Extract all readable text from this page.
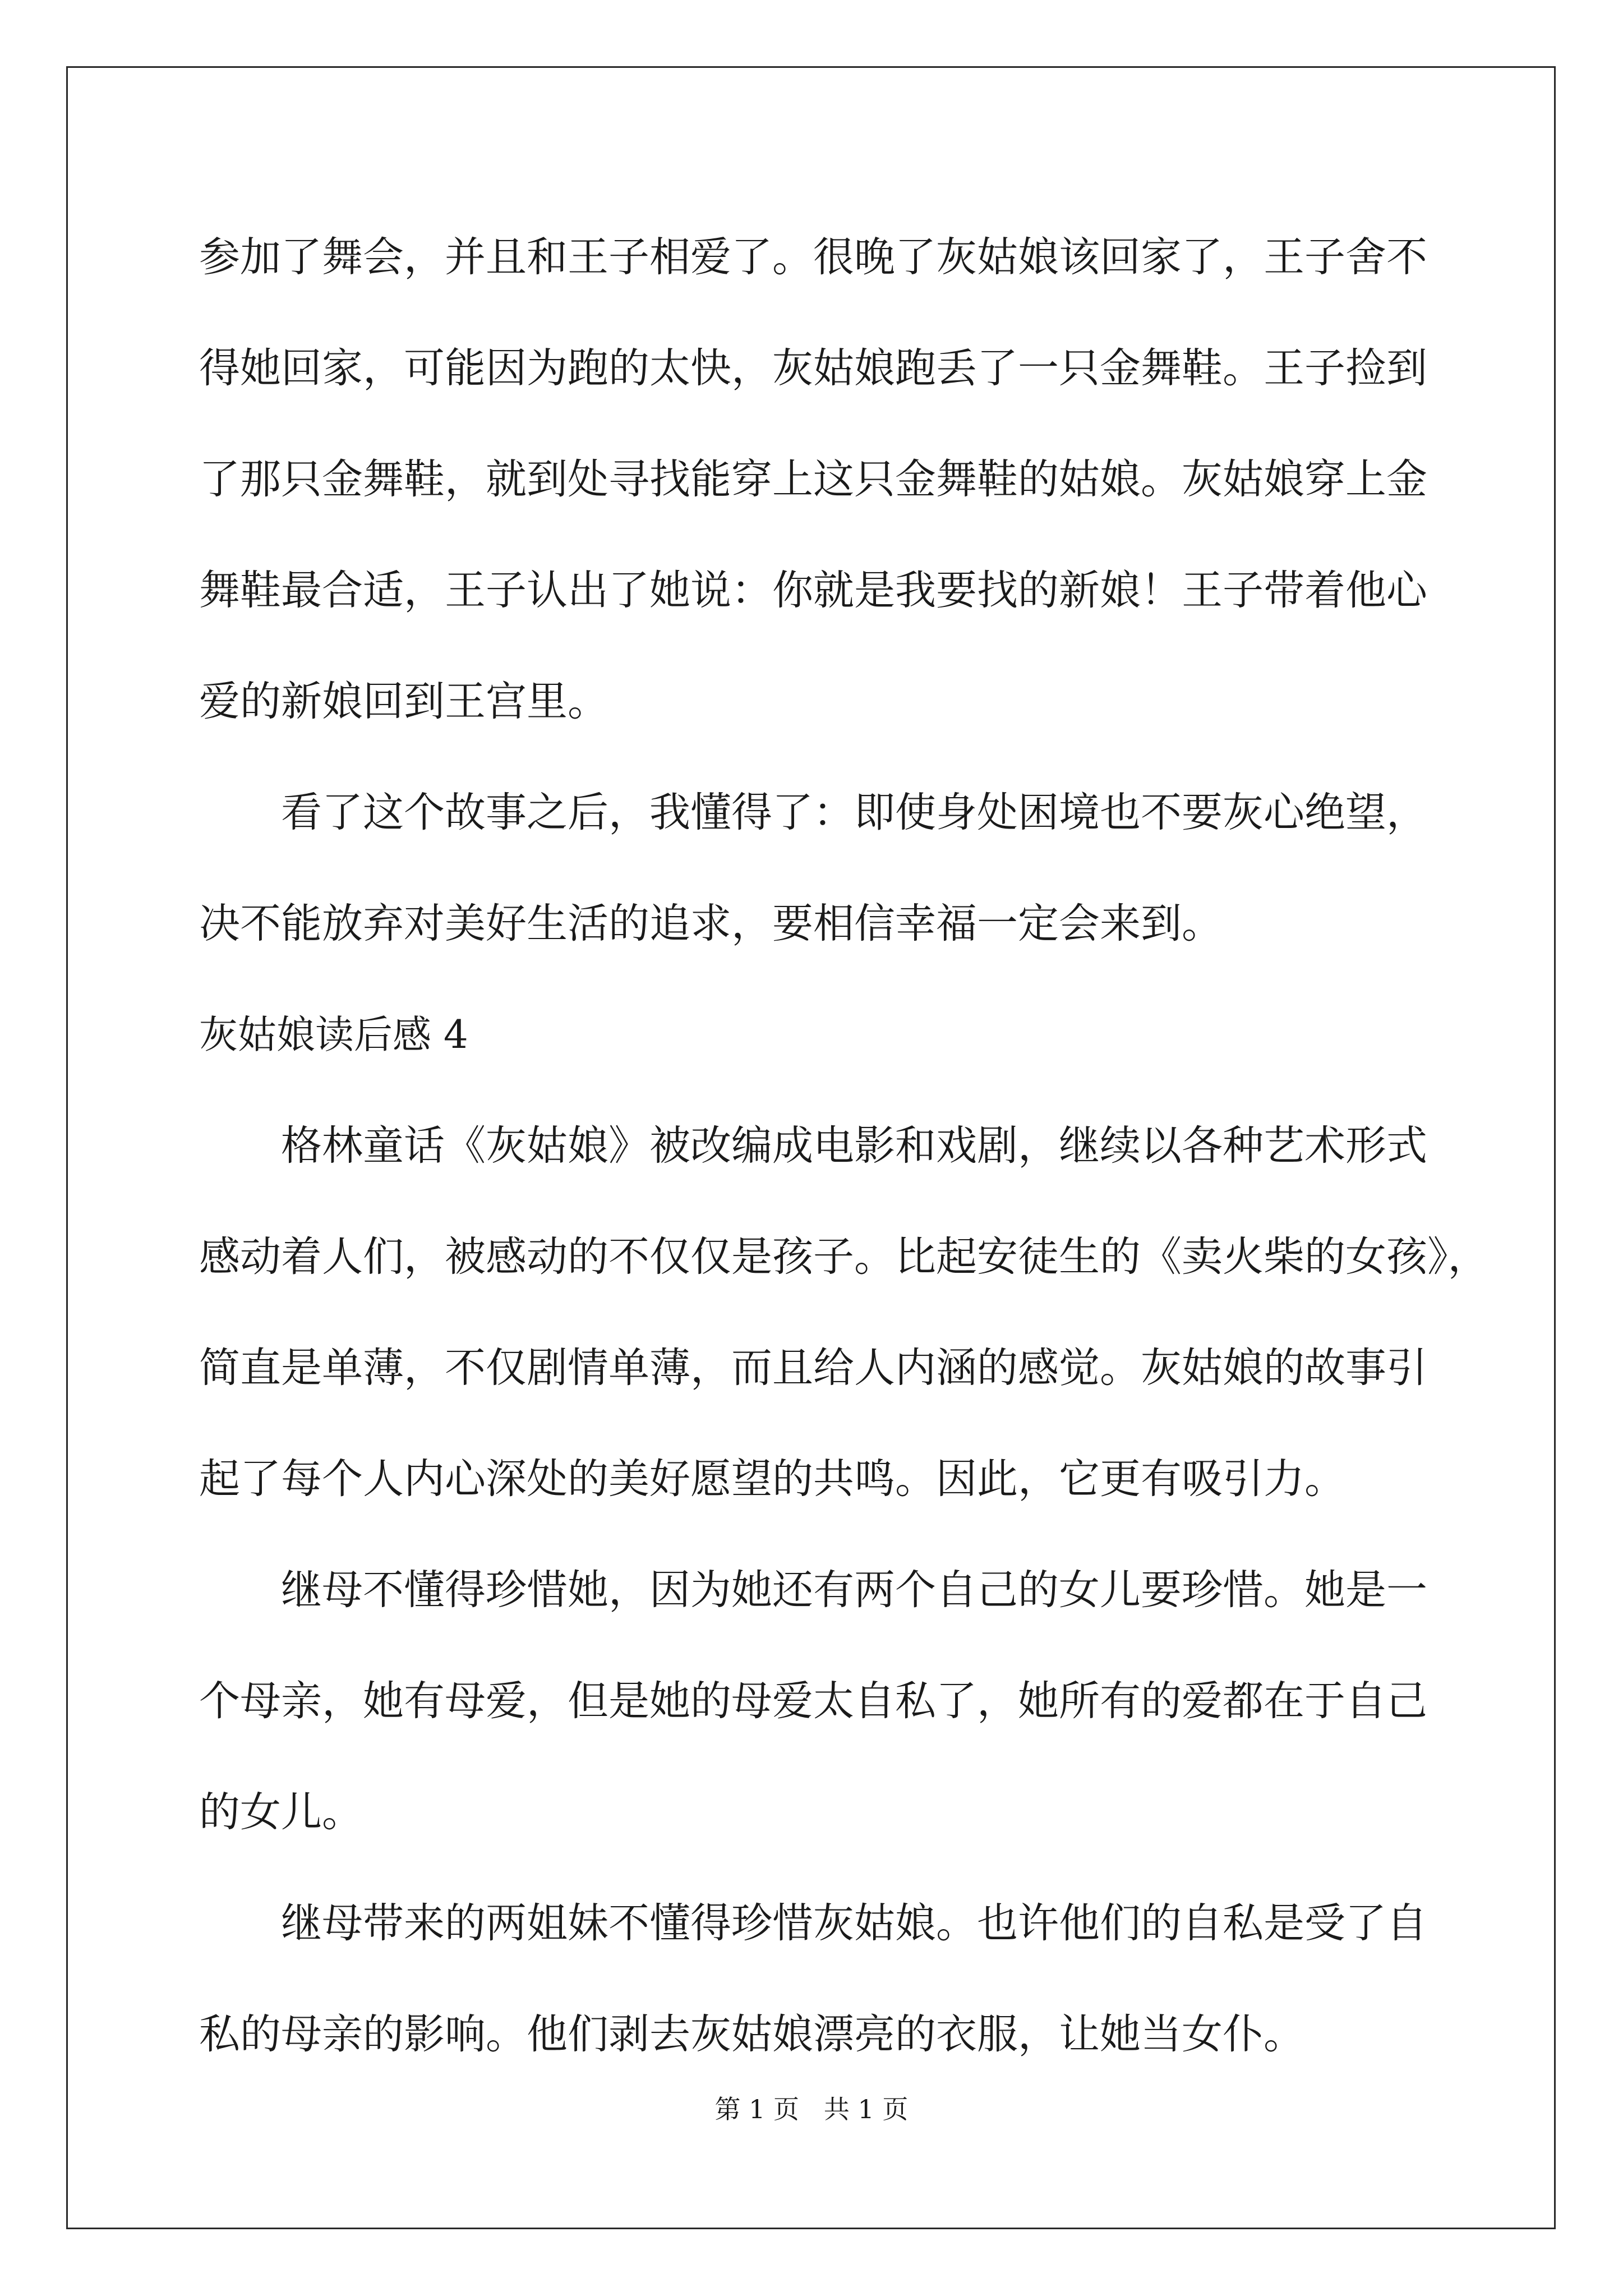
参加了舞会，并且和王子相爱了。很晚了灰姑娘该回家了，王子舍不
得她回家，可能因为跑的太快，灰姑娘跑丢了一只金舞鞋。王子捡到
了那只金舞鞋，就到处寻找能穿上这只金舞鞋的姑娘。灰姑娘穿上金
舞鞋最合适，王子认出了她说：你就是我要找的新娘！王子带着他心
爱的新娘回到王宫里。
看了这个故事之后，我懂得了：即使身处困境也不要灰心绝望，
决不能放弃对美好生活的追求，要相信幸福一定会来到。
灰姑娘读后感 4
格林童话《灰姑娘》被改编成电影和戏剧，继续以各种艺术形式
感动着人们，被感动的不仅仅是孩子。比起安徒生的《卖火柴的女孩》，
简直是单薄，不仅剧情单薄，而且给人内涵的感觉。灰姑娘的故事引
起了每个人内心深处的美好愿望的共鸣。因此，它更有吸引力。
继母不懂得珍惜她，因为她还有两个自己的女儿要珍惜。她是一
个母亲，她有母爱，但是她的母爱太自私了，她所有的爱都在于自己
的女儿。
继母带来的两姐妹不懂得珍惜灰姑娘。也许他们的自私是受了自
私的母亲的影响。他们剥去灰姑娘漂亮的衣服，让她当女仆。
第 1 页   共 1 页
